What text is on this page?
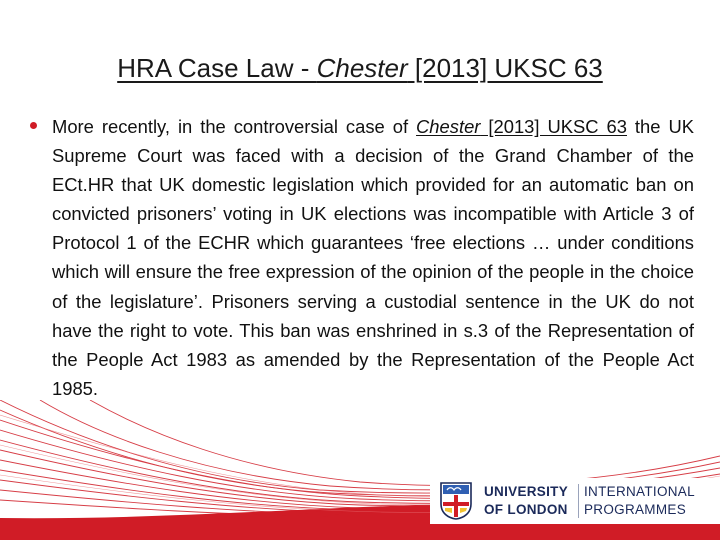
HRA Case Law - Chester [2013] UKSC 63
More recently, in the controversial case of Chester [2013] UKSC 63 the UK Supreme Court was faced with a decision of the Grand Chamber of the ECt.HR that UK domestic legislation which provided for an automatic ban on convicted prisoners’ voting in UK elections was incompatible with Article 3 of Protocol 1 of the ECHR which guarantees ‘free elections … under conditions which will ensure the free expression of the opinion of the people in the choice of the legislature’. Prisoners serving a custodial sentence in the UK do not have the right to vote. This ban was enshrined in s.3 of the Representation of the People Act 1983 as amended by the Representation of the People Act 1985.
UNIVERSITY
OF LONDON
INTERNATIONAL
PROGRAMMES
